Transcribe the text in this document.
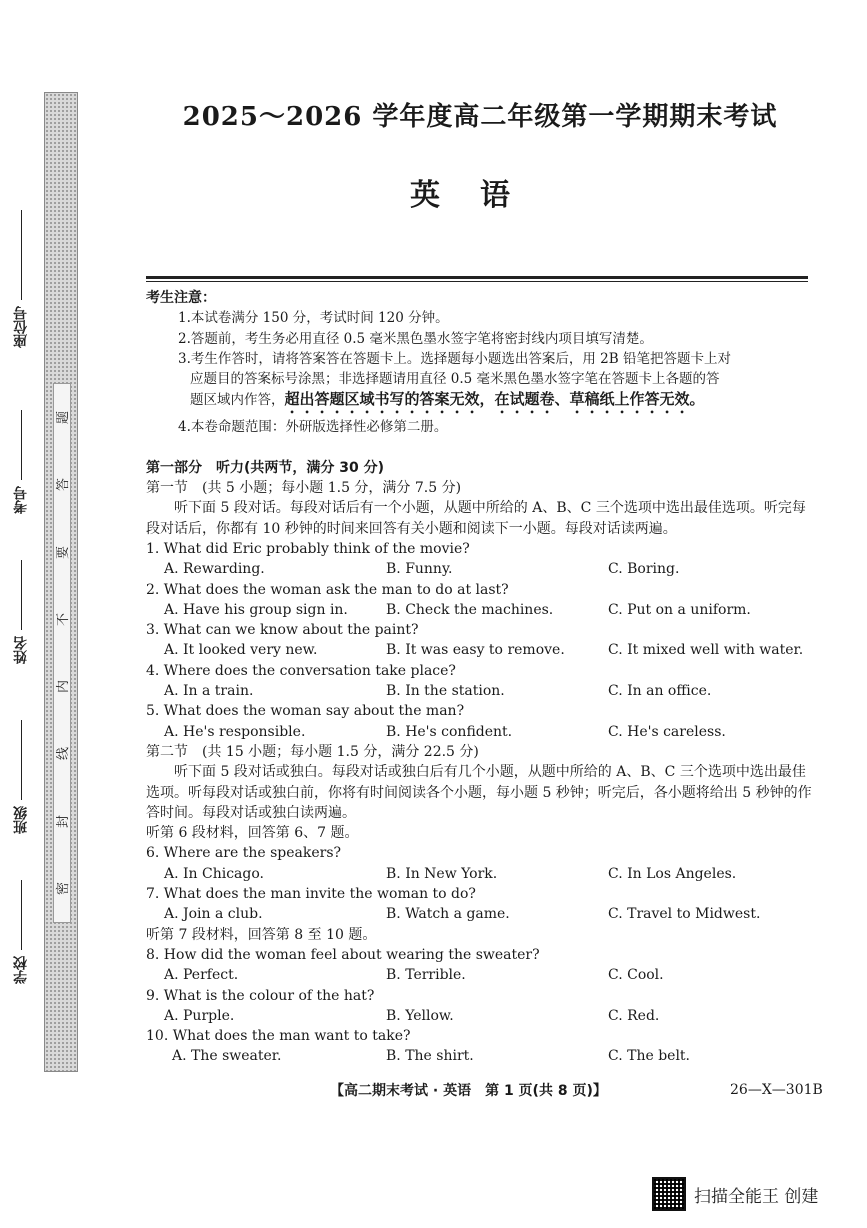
座位号
考号
姓名
班级
学校
密
封
线
内
不
要
答
题
2025～2026 学年度高二年级第一学期期末考试
英语
考生注意：
1.本试卷满分 150 分，考试时间 120 分钟。
2.答题前，考生务必用直径 0.5 毫米黑色墨水签字笔将密封线内项目填写清楚。
3.考生作答时，请将答案答在答题卡上。选择题每小题选出答案后，用 2B 铅笔把答题卡上对
应题目的答案标号涂黑；非选择题请用直径 0.5 毫米黑色墨水签字笔在答题卡上各题的答
题区域内作答，超出答题区域书写的答案无效，在试题卷、草稿纸上作答无效。
4.本卷命题范围：外研版选择性必修第二册。
第一部分　听力(共两节，满分 30 分)
第一节　(共 5 小题；每小题 1.5 分，满分 7.5 分)
听下面 5 段对话。每段对话后有一个小题，从题中所给的 A、B、C 三个选项中选出最佳选项。听完每段对话后，你都有 10 秒钟的时间来回答有关小题和阅读下一小题。每段对话读两遍。
1. What did Eric probably think of the movie?
A. Rewarding.	B. Funny.	C. Boring.
2. What does the woman ask the man to do at last?
A. Have his group sign in.	B. Check the machines.	C. Put on a uniform.
3. What can we know about the paint?
A. It looked very new.	B. It was easy to remove.	C. It mixed well with water.
4. Where does the conversation take place?
A. In a train.	B. In the station.	C. In an office.
5. What does the woman say about the man?
A. He's responsible.	B. He's confident.	C. He's careless.
第二节　(共 15 小题；每小题 1.5 分，满分 22.5 分)
听下面 5 段对话或独白。每段对话或独白后有几个小题，从题中所给的 A、B、C 三个选项中选出最佳选项。听每段对话或独白前，你将有时间阅读各个小题，每小题 5 秒钟；听完后，各小题将给出 5 秒钟的作答时间。每段对话或独白读两遍。
听第 6 段材料，回答第 6、7 题。
6. Where are the speakers?
A. In Chicago.	B. In New York.	C. In Los Angeles.
7. What does the man invite the woman to do?
A. Join a club.	B. Watch a game.	C. Travel to Midwest.
听第 7 段材料，回答第 8 至 10 题。
8. How did the woman feel about wearing the sweater?
A. Perfect.	B. Terrible.	C. Cool.
9. What is the colour of the hat?
A. Purple.	B. Yellow.	C. Red.
10. What does the man want to take?
A. The sweater.	B. The shirt.	C. The belt.
【高二期末考试 · 英语　第 1 页(共 8 页)】	26—X—301B
扫描全能王 创建
